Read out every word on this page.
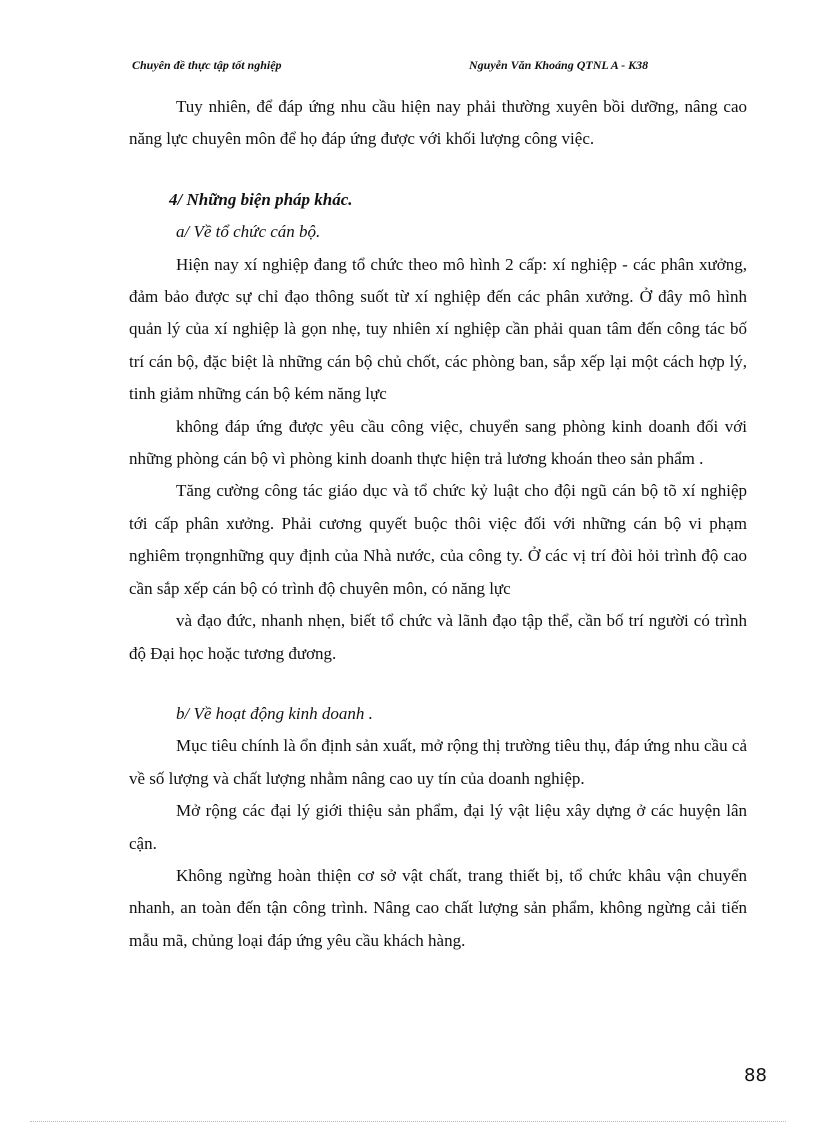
Chuyên đề thực tập tốt nghiệp	Nguyễn Văn Khoáng QTNL A - K38

Tuy nhiên, để đáp ứng nhu cầu hiện nay phải thường xuyên bồi dưỡng, nâng cao năng lực chuyên môn để họ đáp ứng được với khối lượng công việc.

4/ Những biện pháp khác.

a/ Về tổ chức cán bộ.

Hiện nay xí nghiệp đang tổ chức theo mô hình 2 cấp: xí nghiệp - các phân xưởng, đảm bảo được sự chỉ đạo thông suốt từ xí nghiệp đến các phân xưởng. Ở đây mô hình quản lý của xí nghiệp là gọn nhẹ, tuy nhiên xí nghiệp cần phải quan tâm đến công tác bố trí cán bộ, đặc biệt là những cán bộ chủ chốt, các phòng ban, sắp xếp lại một cách hợp lý, tinh giảm những cán bộ kém năng lực

không đáp ứng được yêu cầu công việc, chuyển sang phòng kinh doanh đối với những phòng cán bộ vì phòng kinh doanh thực hiện trả lương khoán theo sản phẩm .

Tăng cường công tác giáo dục và tổ chức kỷ luật cho đội ngũ cán bộ tõ xí nghiệp tới cấp phân xưởng. Phải cương quyết buộc thôi việc đối với những cán bộ vi phạm nghiêm trọngnhững quy định của Nhà nước, của công ty. Ở các vị trí đòi hỏi trình độ cao cần sắp xếp cán bộ có trình độ chuyên môn, có năng lực

và đạo đức, nhanh nhẹn, biết tổ chức và lãnh đạo tập thể, cần bố trí người có trình độ Đại học hoặc tương đương.

b/ Về hoạt động kinh doanh .

Mục tiêu chính là ổn định sản xuất, mở rộng thị trường tiêu thụ, đáp ứng nhu cầu cả về số lượng và chất lượng nhằm nâng cao uy tín của doanh nghiệp.

Mở rộng các đại lý giới thiệu sản phẩm, đại lý vật liệu xây dựng ở các huyện lân cận.

Không ngừng hoàn thiện cơ sở vật chất, trang thiết bị, tổ chức khâu vận chuyển nhanh, an toàn đến tận công trình. Nâng cao chất lượng sản phẩm, không ngừng cải tiến mẫu mã, chủng loại đáp ứng yêu cầu khách hàng.

88
